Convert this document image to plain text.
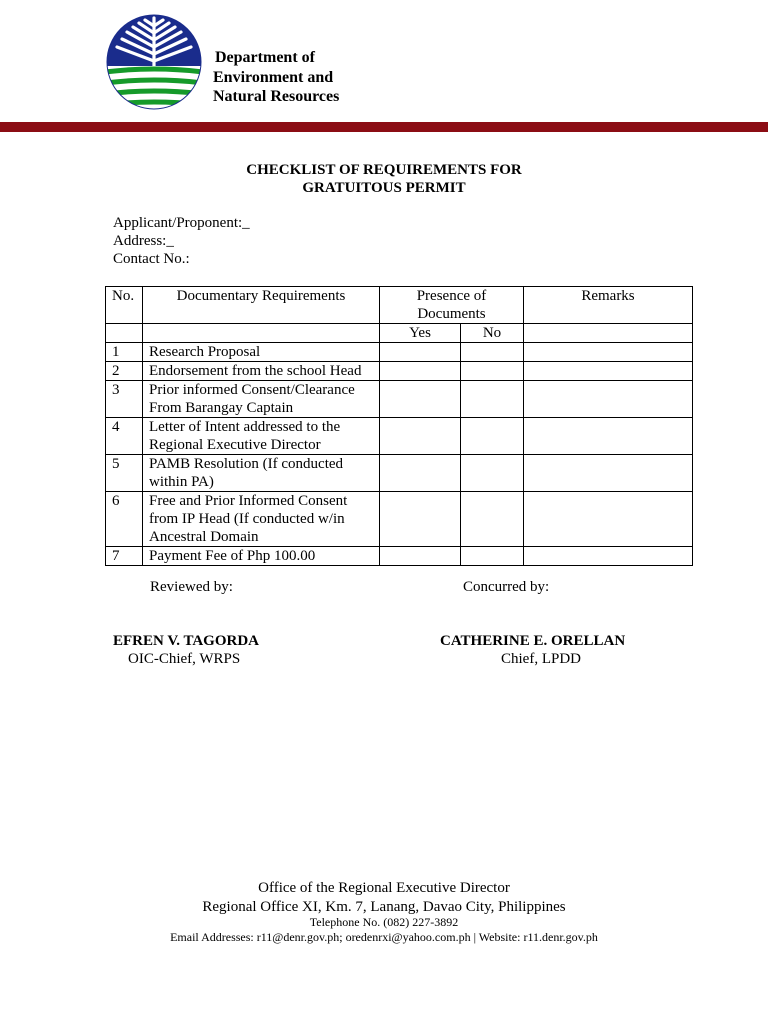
Department of
Environment and
Natural Resources
CHECKLIST OF REQUIREMENTS FOR
GRATUITOUS PERMIT
Applicant/Proponent:_
Address:_
Contact No.:
No.	Documentary Requirements	Presence of
Documents		Remarks
		Yes	No	
1	Research Proposal			

2	Endorsement from the school Head			

3	Prior informed Consent/Clearance
From Barangay Captain			

4	Letter of Intent addressed to the
Regional Executive Director			

5	PAMB Resolution (If conducted
within PA)			

6	Free and Prior Informed Consent
from IP Head (If conducted w/in
Ancestral Domain			

7	Payment Fee of Php 100.00			

Reviewed by:	Concurred by:
EFREN V. TAGORDA
OIC-Chief, WRPS
CATHERINE E. ORELLAN
Chief, LPDD
Office of the Regional Executive Director
Regional Office XI, Km. 7, Lanang, Davao City, Philippines
Telephone No. (082) 227-3892
Email Addresses: r11@denr.gov.ph; oredenrxi@yahoo.com.ph | Website: r11.denr.gov.ph
